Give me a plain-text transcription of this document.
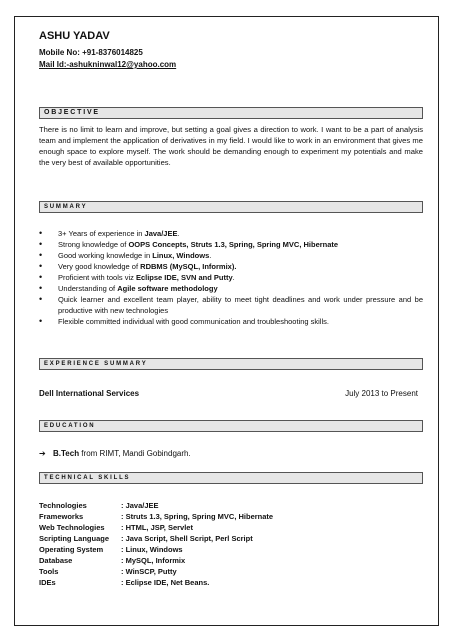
ASHU YADAV
Mobile No: +91-8376014825
Mail Id:-ashukninwal12@yahoo.com
OBJECTIVE

There is no limit to learn and improve, but setting a goal gives a direction to work. I want to be a part of analysis team and implement the application of derivatives in my field. I would like to work in an environment that gives me enough space to explore myself. The work should be demanding enough to experiment my potentials and make the very best of available opportunities.

SUMMARY
• 3+ Years of experience in Java/JEE.
• Strong knowledge of OOPS Concepts, Struts 1.3, Spring, Spring MVC, Hibernate
• Good working knowledge in Linux, Windows.
• Very good knowledge of RDBMS (MySQL, Informix).
• Proficient with tools viz Eclipse IDE, SVN and Putty.
• Understanding of Agile software methodology
• Quick learner and excellent team player, ability to meet tight deadlines and work under pressure and be productive with new technologies
• Flexible committed individual with good communication and troubleshooting skills.
EXPERIENCE SUMMARY
Dell International Services	July 2013 to Present
EDUCATION
➔ B.Tech from RIMT, Mandi Gobindgarh.
TECHNICAL SKILLS
Technologies	: Java/JEE
Frameworks	: Struts 1.3, Spring, Spring MVC, Hibernate
Web Technologies	: HTML, JSP, Servlet
Scripting Language	: Java Script, Shell Script, Perl Script
Operating System	: Linux, Windows
Database	: MySQL, Informix
Tools	: WinSCP, Putty
IDEs	: Eclipse IDE, Net Beans.
